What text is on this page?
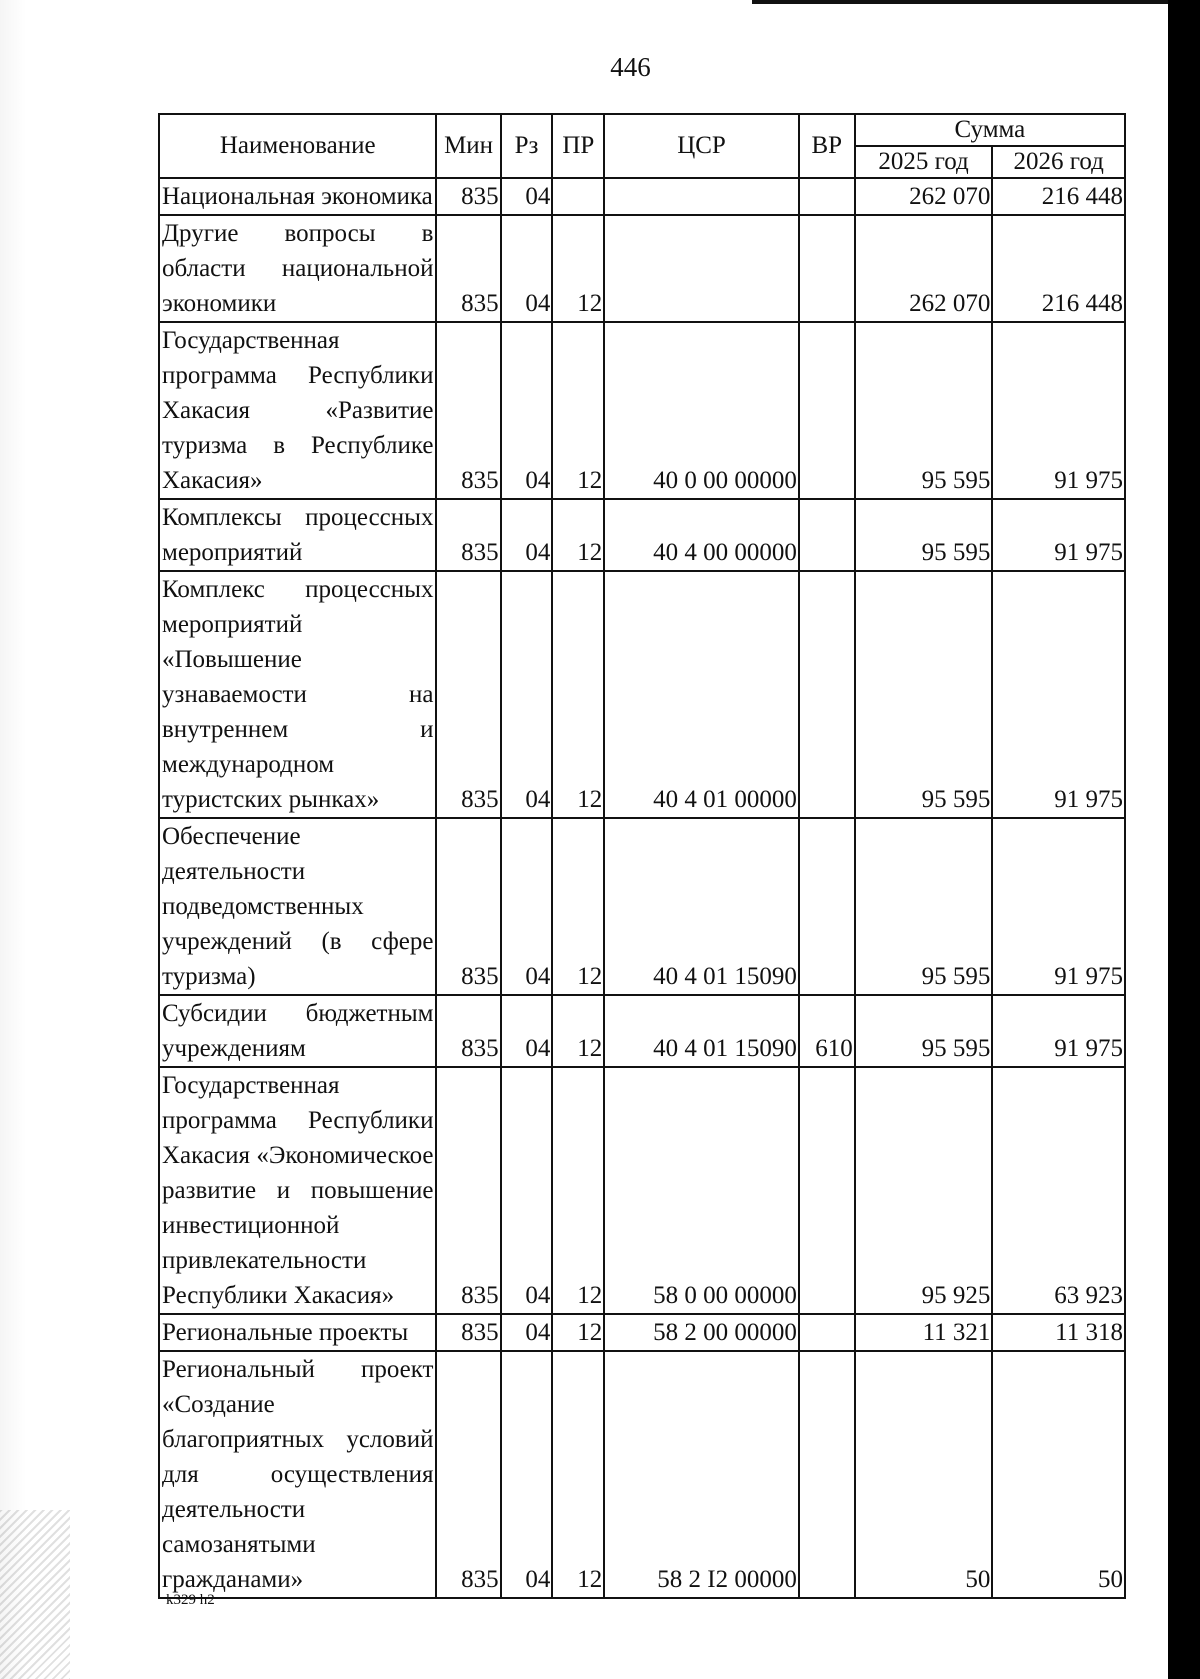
446
Наименование	Мин	Рз	ПР	ЦСР	ВР	Сумма	
						2025 год	2026 год
Национальная экономика	835	04				262 070	216 448
Другие вопросы в области национальной экономики	835	04	12			262 070	216 448
Государственная программа Республики Хакасия «Развитие туризма в Республике Хакасия»	835	04	12	40 0 00 00000		95 595	91 975
Комплексы процессных мероприятий	835	04	12	40 4 00 00000		95 595	91 975
Комплекс процессных мероприятий «Повышение узнаваемости на внутреннем и международном туристских рынках»	835	04	12	40 4 01 00000		95 595	91 975
Обеспечение деятельности подведомственных учреждений (в сфере туризма)	835	04	12	40 4 01 15090		95 595	91 975
Субсидии бюджетным учреждениям	835	04	12	40 4 01 15090	610	95 595	91 975
Государственная программа Республики Хакасия «Экономическое развитие и повышение инвестиционной привлекательности Республики Хакасия»	835	04	12	58 0 00 00000		95 925	63 923
Региональные проекты	835	04	12	58 2 00 00000		11 321	11 318
Региональный проект «Создание благоприятных условий для осуществления деятельности самозанятыми гражданами»	835	04	12	58 2 I2 00000		50	50
k329 h2
